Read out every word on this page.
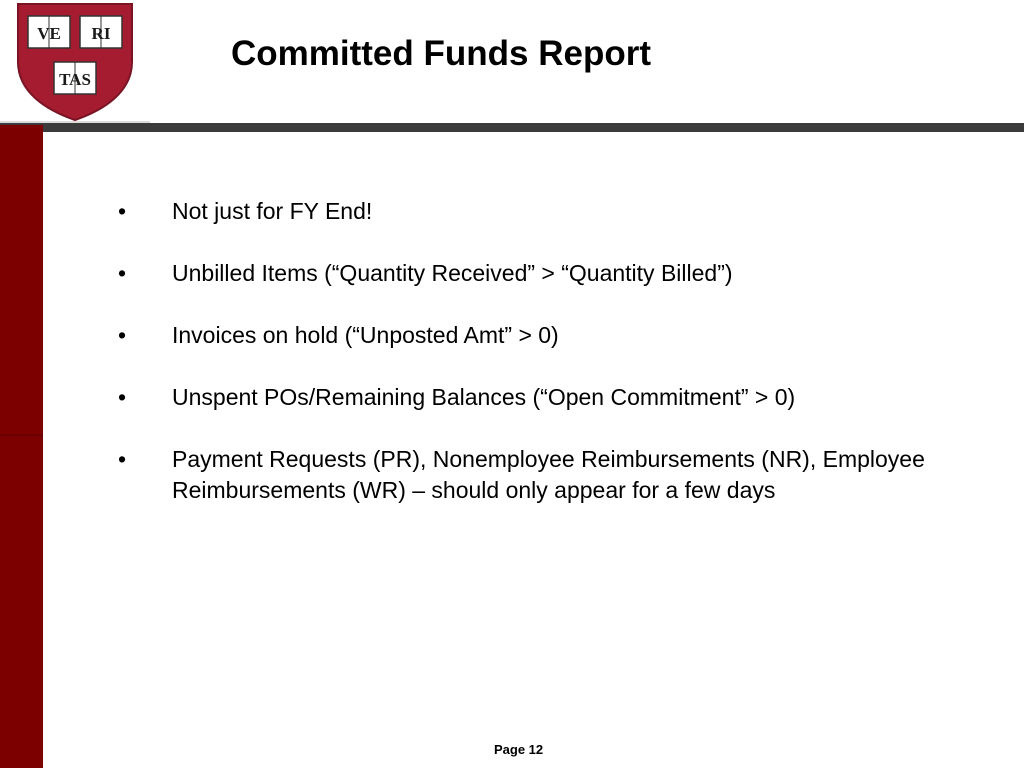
VE RI
TAS
Committed Funds Report
• Not just for FY End!
• Unbilled Items (“Quantity Received” > “Quantity Billed”)
• Invoices on hold (“Unposted Amt” > 0)
• Unspent POs/Remaining Balances (“Open Commitment” > 0)
• Payment Requests (PR), Nonemployee Reimbursements (NR), Employee Reimbursements (WR) – should only appear for a few days
Page 12
